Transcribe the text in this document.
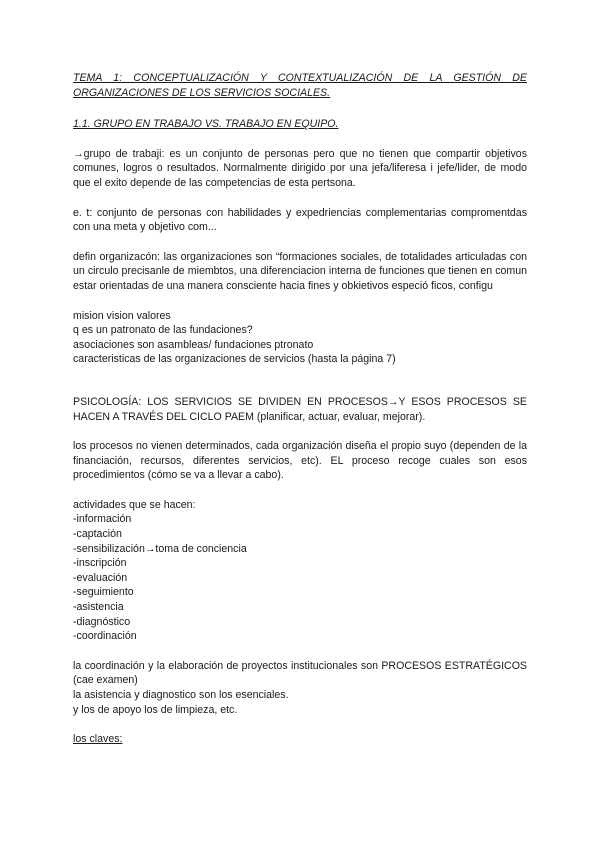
TEMA 1: CONCEPTUALIZACIÓN Y CONTEXTUALIZACIÓN DE LA GESTIÓN DE ORGANIZACIONES DE LOS SERVICIOS SOCIALES.

1.1. GRUPO EN TRABAJO VS. TRABAJO EN EQUIPO.

→grupo de trabaji: es un conjunto de personas pero que no tienen que compartir objetivos comunes, logros o resultados. Normalmente dirigido por una jefa/liferesa i jefe/lider, de modo que el exito depende de las competencias de esta pertsona.

e. t: conjunto de personas con habilidades y expedriencias complementarias compromentdas con una meta y objetivo com...

defin organizacón: las organizaciones son “formaciones sociales, de totalidades articuladas con un circulo precisanle de miembtos, una diferenciacion interna de funciones que tienen en comun estar orientadas de una manera consciente hacia fines y obkietivos especió ficos, configu

mision vision valores
q es un patronato de las fundaciones?
asociaciones son asambleas/ fundaciones ptronato
caracteristicas de las organizaciones de servicios (hasta la página 7)

PSICOLOGÍA: LOS SERVICIOS SE DIVIDEN EN PROCESOS→Y ESOS PROCESOS SE HACEN A TRAVÉS DEL CICLO PAEM (planificar, actuar, evaluar, mejorar).

los procesos no vienen determinados, cada organización diseña el propio suyo (dependen de la financiación, recursos, diferentes servicios, etc). EL proceso recoge cuales son esos procedimientos (cómo se va a llevar a cabo).

actividades que se hacen:

-información
-captación
-sensibilización→toma de conciencia
-inscripción
-evaluación
-seguimiento
-asistencia
-diagnóstico
-coordinación

la coordinación y la elaboración de proyectos institucionales son PROCESOS ESTRATÉGICOS (cae examen)

la asistencia y diagnostico son los esenciales.

y los de apoyo los de limpieza, etc.

los claves:
